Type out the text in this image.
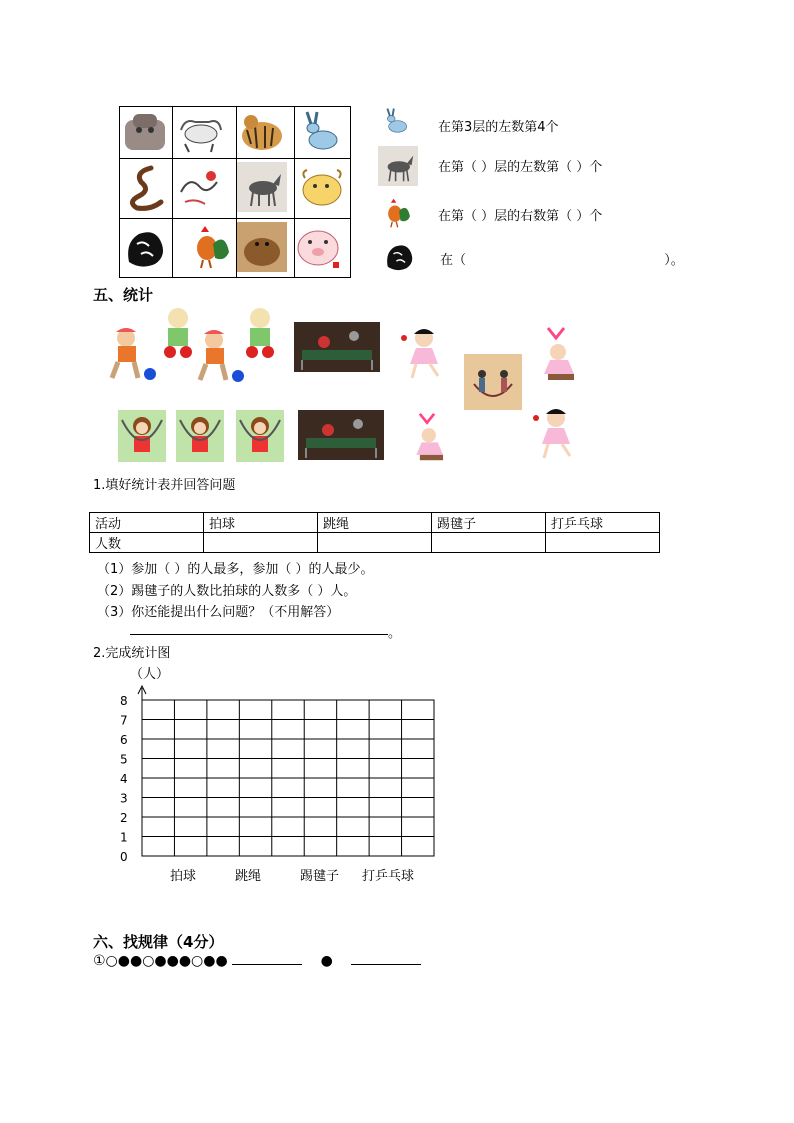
在第3层的左数第4个
在第（ ）层的左数第（ ）个
在第（ ）层的右数第（ ）个
在（	）。
五、统计
1.填好统计表并回答问题
活动	拍球	跳绳	踢毽子	打乒乓球
人数				
（1）参加（ ）的人最多，参加（ ）的人最少。
（2）踢毽子的人数比拍球的人数多（ ）人。
（3）你还能提出什么问题？（不用解答）
。
2.完成统计图
（人）
8
7
6
5
4
3
2
1
0
拍球	跳绳	踢毽子 打乒乓球
六、找规律（4分）
①○●●○●●●○●●	●
